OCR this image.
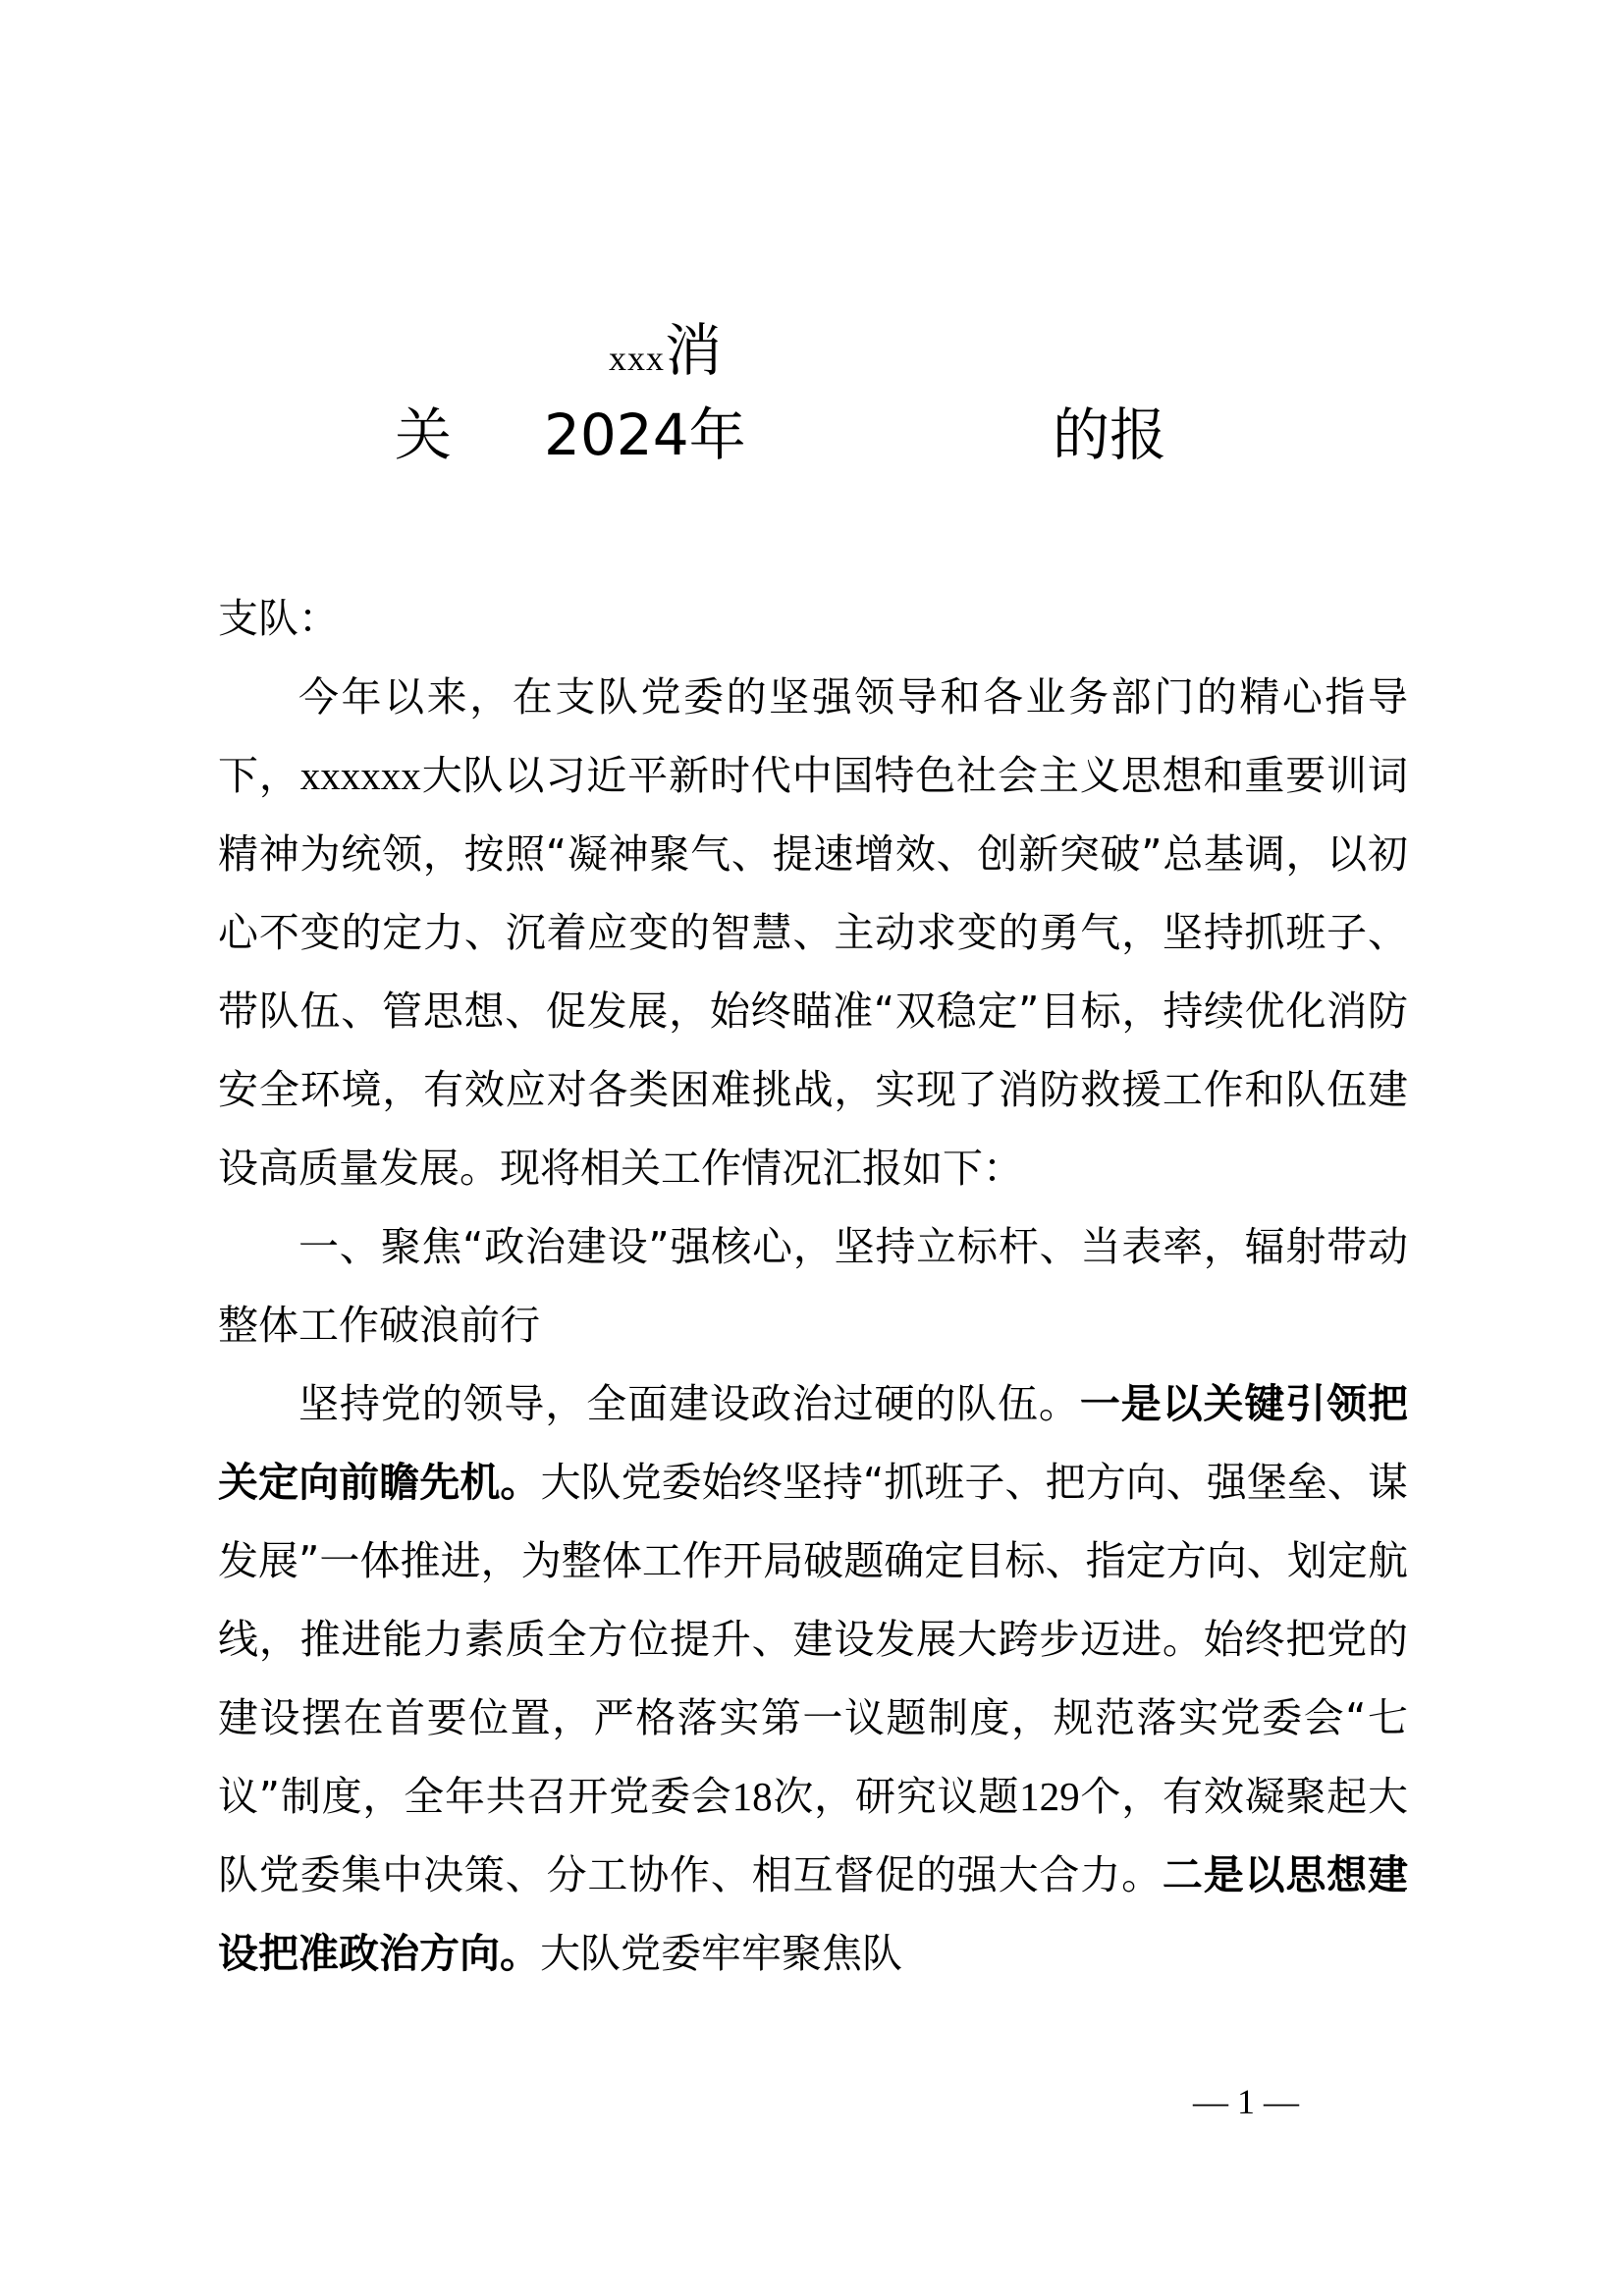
xxx消
关 2024年	的报

支队：

今年以来，在支队党委的坚强领导和各业务部门的精心指导下，xxxxxx大队以习近平新时代中国特色社会主义思想和重要训词精神为统领，按照“凝神聚气、提速增效、创新突破”总基调，以初心不变的定力、沉着应变的智慧、主动求变的勇气，坚持抓班子、带队伍、管思想、促发展，始终瞄准“双稳定”目标，持续优化消防安全环境，有效应对各类困难挑战，实现了消防救援工作和队伍建设高质量发展。现将相关工作情况汇报如下：

一、聚焦“政治建设”强核心，坚持立标杆、当表率，辐射带动整体工作破浪前行

坚持党的领导，全面建设政治过硬的队伍。一是以关键引领把关定向前瞻先机。大队党委始终坚持“抓班子、把方向、强堡垒、谋发展”一体推进，为整体工作开局破题确定目标、指定方向、划定航线，推进能力素质全方位提升、建设发展大跨步迈进。始终把党的建设摆在首要位置，严格落实第一议题制度，规范落实党委会“七议”制度，全年共召开党委会18次，研究议题129个，有效凝聚起大队党委集中决策、分工协作、相互督促的强大合力。二是以思想建设把准政治方向。大队党委牢牢聚焦队

— 1 —
